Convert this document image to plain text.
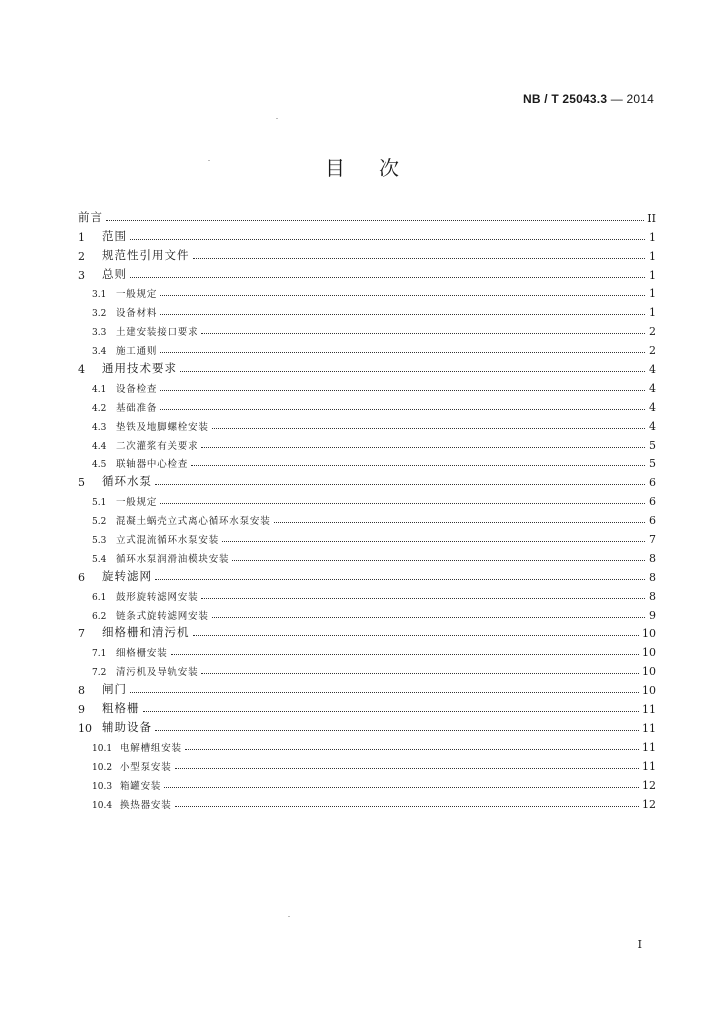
NB / T 25043.3 — 2014
目次
前言	II
1	范围	1
2	规范性引用文件	1
3	总则	1
3.1	一般规定	1
3.2	设备材料	1
3.3	土建安装接口要求	2
3.4	施工通则	2
4	通用技术要求	4
4.1	设备检查	4
4.2	基础准备	4
4.3	垫铁及地脚螺栓安装	4
4.4	二次灌浆有关要求	5
4.5	联轴器中心检查	5
5	循环水泵	6
5.1	一般规定	6
5.2	混凝土蜗壳立式离心循环水泵安装	6
5.3	立式混流循环水泵安装	7
5.4	循环水泵润滑油模块安装	8
6	旋转滤网	8
6.1	鼓形旋转滤网安装	8
6.2	链条式旋转滤网安装	9
7	细格栅和清污机	10
7.1	细格栅安装	10
7.2	清污机及导轨安装	10
8	闸门	10
9	粗格栅	11
10 辅助设备	11
10.1 电解槽组安装	11
10.2 小型泵安装	11
10.3 箱罐安装	12
10.4 换热器安装	12
I
